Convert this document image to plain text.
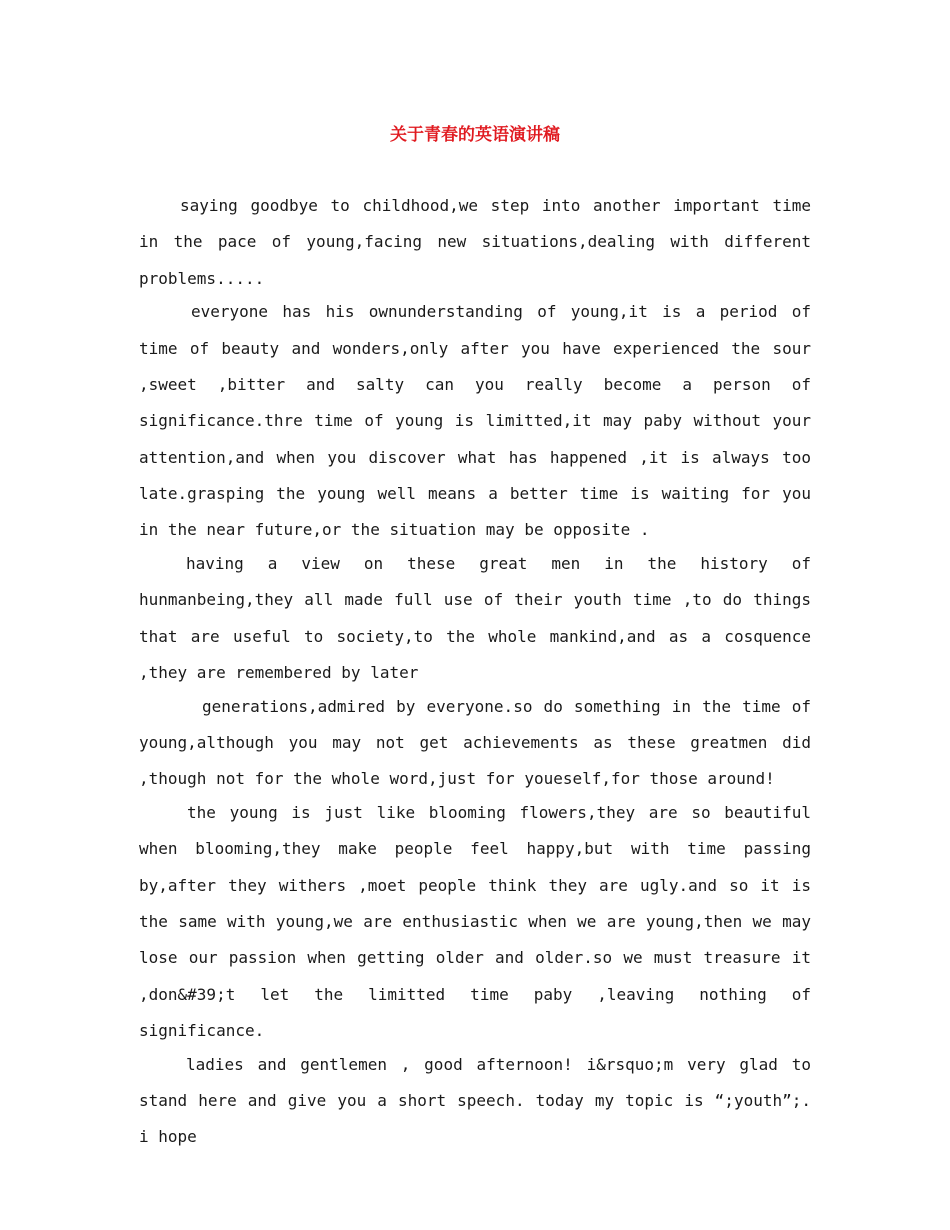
关于青春的英语演讲稿

saying goodbye to childhood,we step into another important time in the pace of young,facing new situations,dealing with different problems.....

everyone has his ownunderstanding of young,it is a period of time of beauty and wonders,only after you have experienced the sour ,sweet ,bitter and salty can you really become a person of significance.thre time of young is limitted,it may paby without your attention,and when you discover what has happened ,it is always too late.grasping the young well means a better time is waiting for you in the near future,or the situation may be opposite .

having a view on these great men in the history of hunmanbeing,they all made full use of their youth time ,to do things that are useful to society,to the whole mankind,and as a cosquence ,they are remembered by later

generations,admired by everyone.so do something in the time of young,although you may not get achievements as these greatmen did ,though not for the whole word,just for youeself,for those around!

the young is just like blooming flowers,they are so beautiful when blooming,they make people feel happy,but with time passing by,after they withers ,moet people think they are ugly.and so it is the same with young,we are enthusiastic when we are young,then we may lose our passion when getting older and older.so we must treasure it ,don&#39;t let the limitted time paby ,leaving nothing of significance.

ladies and gentlemen , good afternoon! i&rsquo;m very glad to stand here and give you a short speech. today my topic is “;youth”;. i hope
